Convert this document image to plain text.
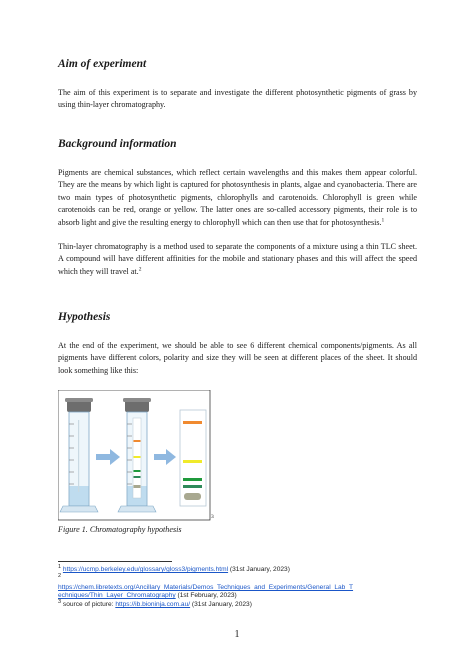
Aim of experiment

The aim of this experiment is to separate and investigate the different photosynthetic pigments of grass by using thin-layer chromatography.

Background information

Pigments are chemical substances, which reflect certain wavelengths and this makes them appear colorful. They are the means by which light is captured for photosynthesis in plants, algae and cyanobacteria. There are two main types of photosynthetic pigments, chlorophylls and carotenoids. Chlorophyll is green while carotenoids can be red, orange or yellow. The latter ones are so-called accessory pigments, their role is to absorb light and give the resulting energy to chlorophyll which can then use that for photosynthesis.$^1$

Thin-layer chromatography is a method used to separate the components of a mixture using a thin TLC sheet. A compound will have different affinities for the mobile and stationary phases and this will affect the speed which they will travel at.$^2$

Hypothesis

At the end of the experiment, we should be able to see 6 different chemical components/pigments. As all pigments have different colors, polarity and size they will be seen at different places of the sheet. It should look something like this:

3
Figure 1. Chromatography hypothesis
$^1$ https://ucmp.berkeley.edu/glossary/gloss3/pigments.html (31st January, 2023)
$^2$
https://chem.libretexts.org/Ancillary_Materials/Demos_Techniques_and_Experiments/General_Lab_T
echniques/Thin_Layer_Chromatography (1st February, 2023)
$^3$ source of picture: https://ib.bioninja.com.au/ (31st January, 2023)
1
